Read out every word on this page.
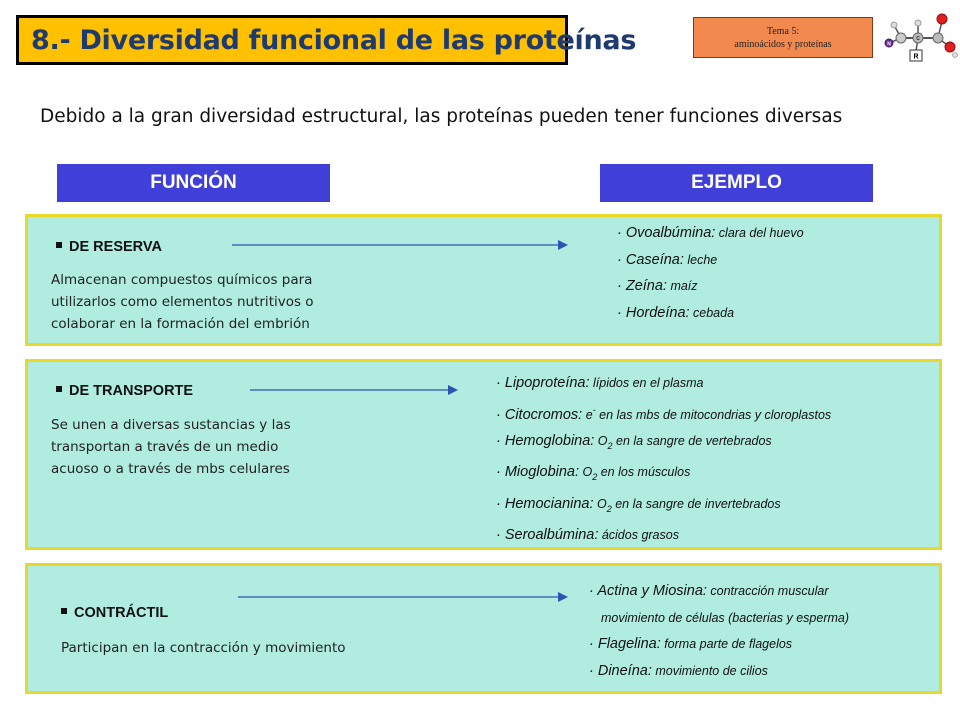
8.- Diversidad funcional de las proteínas	Tema 5:
aminoácidos y proteínas
R
N
C
Debido a la gran diversidad estructural, las proteínas pueden tener funciones diversas
FUNCIÓN	EJEMPLO
DE RESERVA
Almacenan compuestos químicos para
utilizarlos como elementos nutritivos o
colaborar en la formación del embrión
· Ovoalbúmina: clara del huevo
· Caseína: leche
· Zeína: maíz
· Hordeína: cebada
DE TRANSPORTE
Se unen a diversas sustancias y las
transportan a través de un medio
acuoso o a través de mbs celulares
· Lipoproteína: lípidos en el plasma
· Citocromos: e- en las mbs de mitocondrias y cloroplastos
· Hemoglobina: $O_2$ en la sangre de vertebrados
· Mioglobina: $O_2$ en los músculos
· Hemocianina: $O_2$ en la sangre de invertebrados
· Seroalbúmina: ácidos grasos
CONTRÁCTIL
Participan en la contracción y movimiento
· Actina y Miosina: contracción muscular
movimiento de células (bacterias y esperma)
· Flagelina: forma parte de flagelos
· Dineína: movimiento de cilios
